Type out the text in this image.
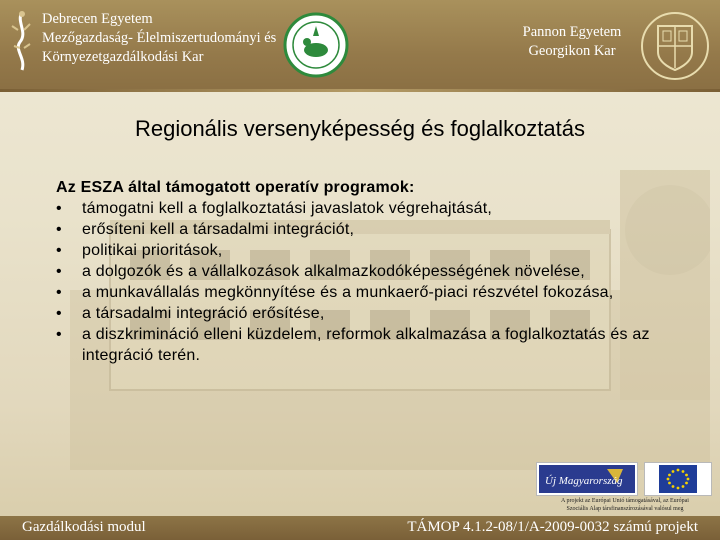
Debrecen Egyetem
Mezőgazdaság- Élelmiszertudományi és
Környezetgazdálkodási Kar
Pannon Egyetem
Georgikon Kar
Regionális versenyképesség és foglalkoztatás
Az ESZA által támogatott operatív programok:
• támogatni kell a foglalkoztatási javaslatok végrehajtását,
• erősíteni kell a társadalmi integrációt,
• politikai prioritások,
• a dolgozók és a vállalkozások alkalmazkodóképességének növelése,
• a munkavállalás megkönnyítése és a munkaerő-piaci részvétel fokozása,
• a társadalmi integráció erősítése,
• a diszkrimináció elleni küzdelem, reformok alkalmazása a foglalkoztatás és az integráció terén.
Új Magyarország
A projekt az Európai Unió támogatásával, az Európai
Szociális Alap társfinanszírozásával valósul meg
Gazdálkodási modul	TÁMOP 4.1.2-08/1/A-2009-0032 számú projekt
